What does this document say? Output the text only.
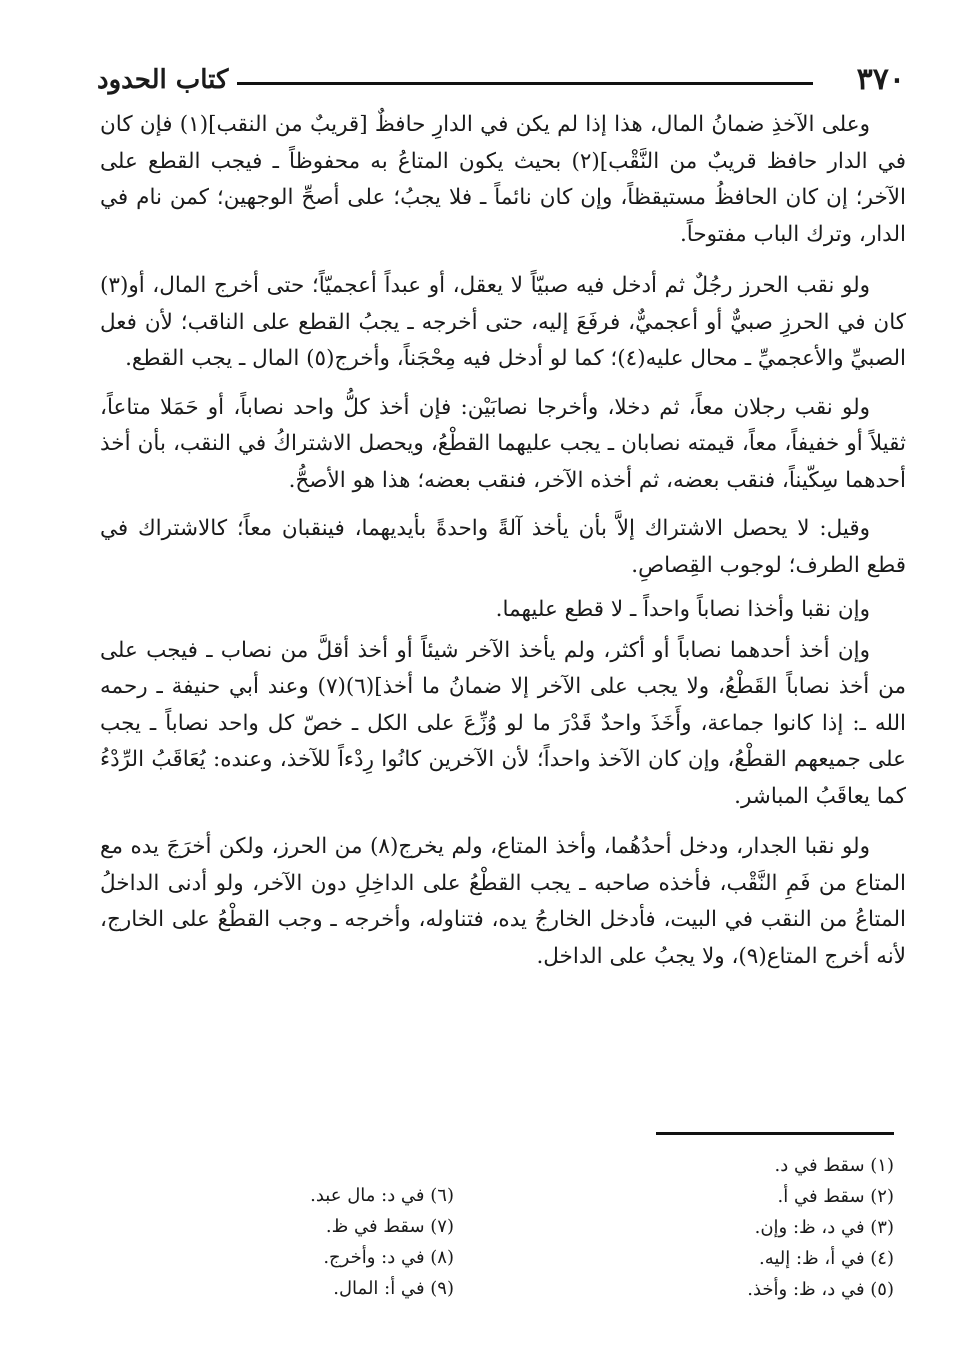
٣٧٠
كتاب الحدود

وعلى الآخذِ ضمانُ المال، هذا إذا لم يكن في الدارِ حافظٌ [قريبٌ من النقب](١) فإن كان في الدار حافظ قريبٌ من النَّقْب](٢) بحيث يكون المتاعُ به محفوظاً ـ فيجب القطع على الآخر؛ إن كان الحافظُ مستيقظاً، وإن كان نائماً ـ فلا يجبُ؛ على أصحِّ الوجهين؛ كمن نام في الدار، وترك الباب مفتوحاً.

ولو نقب الحرز رجُلٌ ثم أدخل فيه صبيّاً لا يعقل، أو عبداً أعجميّاً؛ حتى أخرج المال، أو(٣) كان في الحرزِ صبيٌّ أو أعجميٌّ، فرفَعَ إليه، حتى أخرجه ـ يجبُ القطع على الناقب؛ لأن فعل الصبيِّ والأعجميِّ ـ محال عليه(٤)؛ كما لو أدخل فيه مِحْجَناً، وأخرج(٥) المال ـ يجب القطع.

ولو نقب رجلان معاً، ثم دخلا، وأخرجا نصابَيْن: فإن أخذ كلُّ واحد نصاباً، أو حَمَلا متاعاً، ثقيلاً أو خفيفاً، معاً، قيمته نصابان ـ يجب عليهما القطْعُ، ويحصل الاشتراكُ في النقب، بأن أخذ أحدهما سِكّيناً، فنقب بعضه، ثم أخذه الآخر، فنقب بعضه؛ هذا هو الأصحُّ.

وقيل: لا يحصل الاشتراك إلاَّ بأن يأخذ آلةً واحدةً بأيديهما، فينقبان معاً؛ كالاشتراك في قطع الطرف؛ لوجوب القِصاصِ.

وإن نقبا وأخذا نصاباً واحداً ـ لا قطع عليهما.

وإن أخذ أحدهما نصاباً أو أكثر، ولم يأخذ الآخر شيئاً أو أخذ أقلَّ من نصاب ـ فيجب على من أخذ نصاباً القَطْعُ، ولا يجب على الآخر إلا ضمانُ ما أخذ](٦)(٧) وعند أبي حنيفة ـ رحمه الله ـ: إذا كانوا جماعة، وأَخَذَ واحدٌ قَدْرَ ما لو وُزِّعَ على الكل ـ خصّ كل واحد نصاباً ـ يجب على جميعهم القطْعُ، وإن كان الآخذ واحداً؛ لأن الآخرين كانُوا رِدْءاً للآخذ، وعنده: يُعَاقَبُ الرِّدْءُ كما يعاقَبُ المباشر.

ولو نقبا الجدار، ودخل أحدُهُما، وأخذ المتاع، ولم يخرج(٨) من الحرز، ولكن أخرَجَ يده مع المتاع من فَمِ النَّقْب، فأخذه صاحبه ـ يجب القطْعُ على الداخِلِ دون الآخر، ولو أدنى الداخلُ المتاعُ من النقب في البيت، فأدخل الخارجُ يده، فتناوله، وأخرجه ـ وجب القطْعُ على الخارج، لأنه أخرج المتاع(٩)، ولا يجبُ على الداخل.

(١) سقط في د.
(٢) سقط في أ.
(٣) في د، ظ: وإن.
(٤) في أ، ظ: إليه.
(٥) في د، ظ: وأخذ.
(٦) في د: مال عبد.
(٧) سقط في ظ.
(٨) في د: وأخرج.
(٩) في أ: المال.
